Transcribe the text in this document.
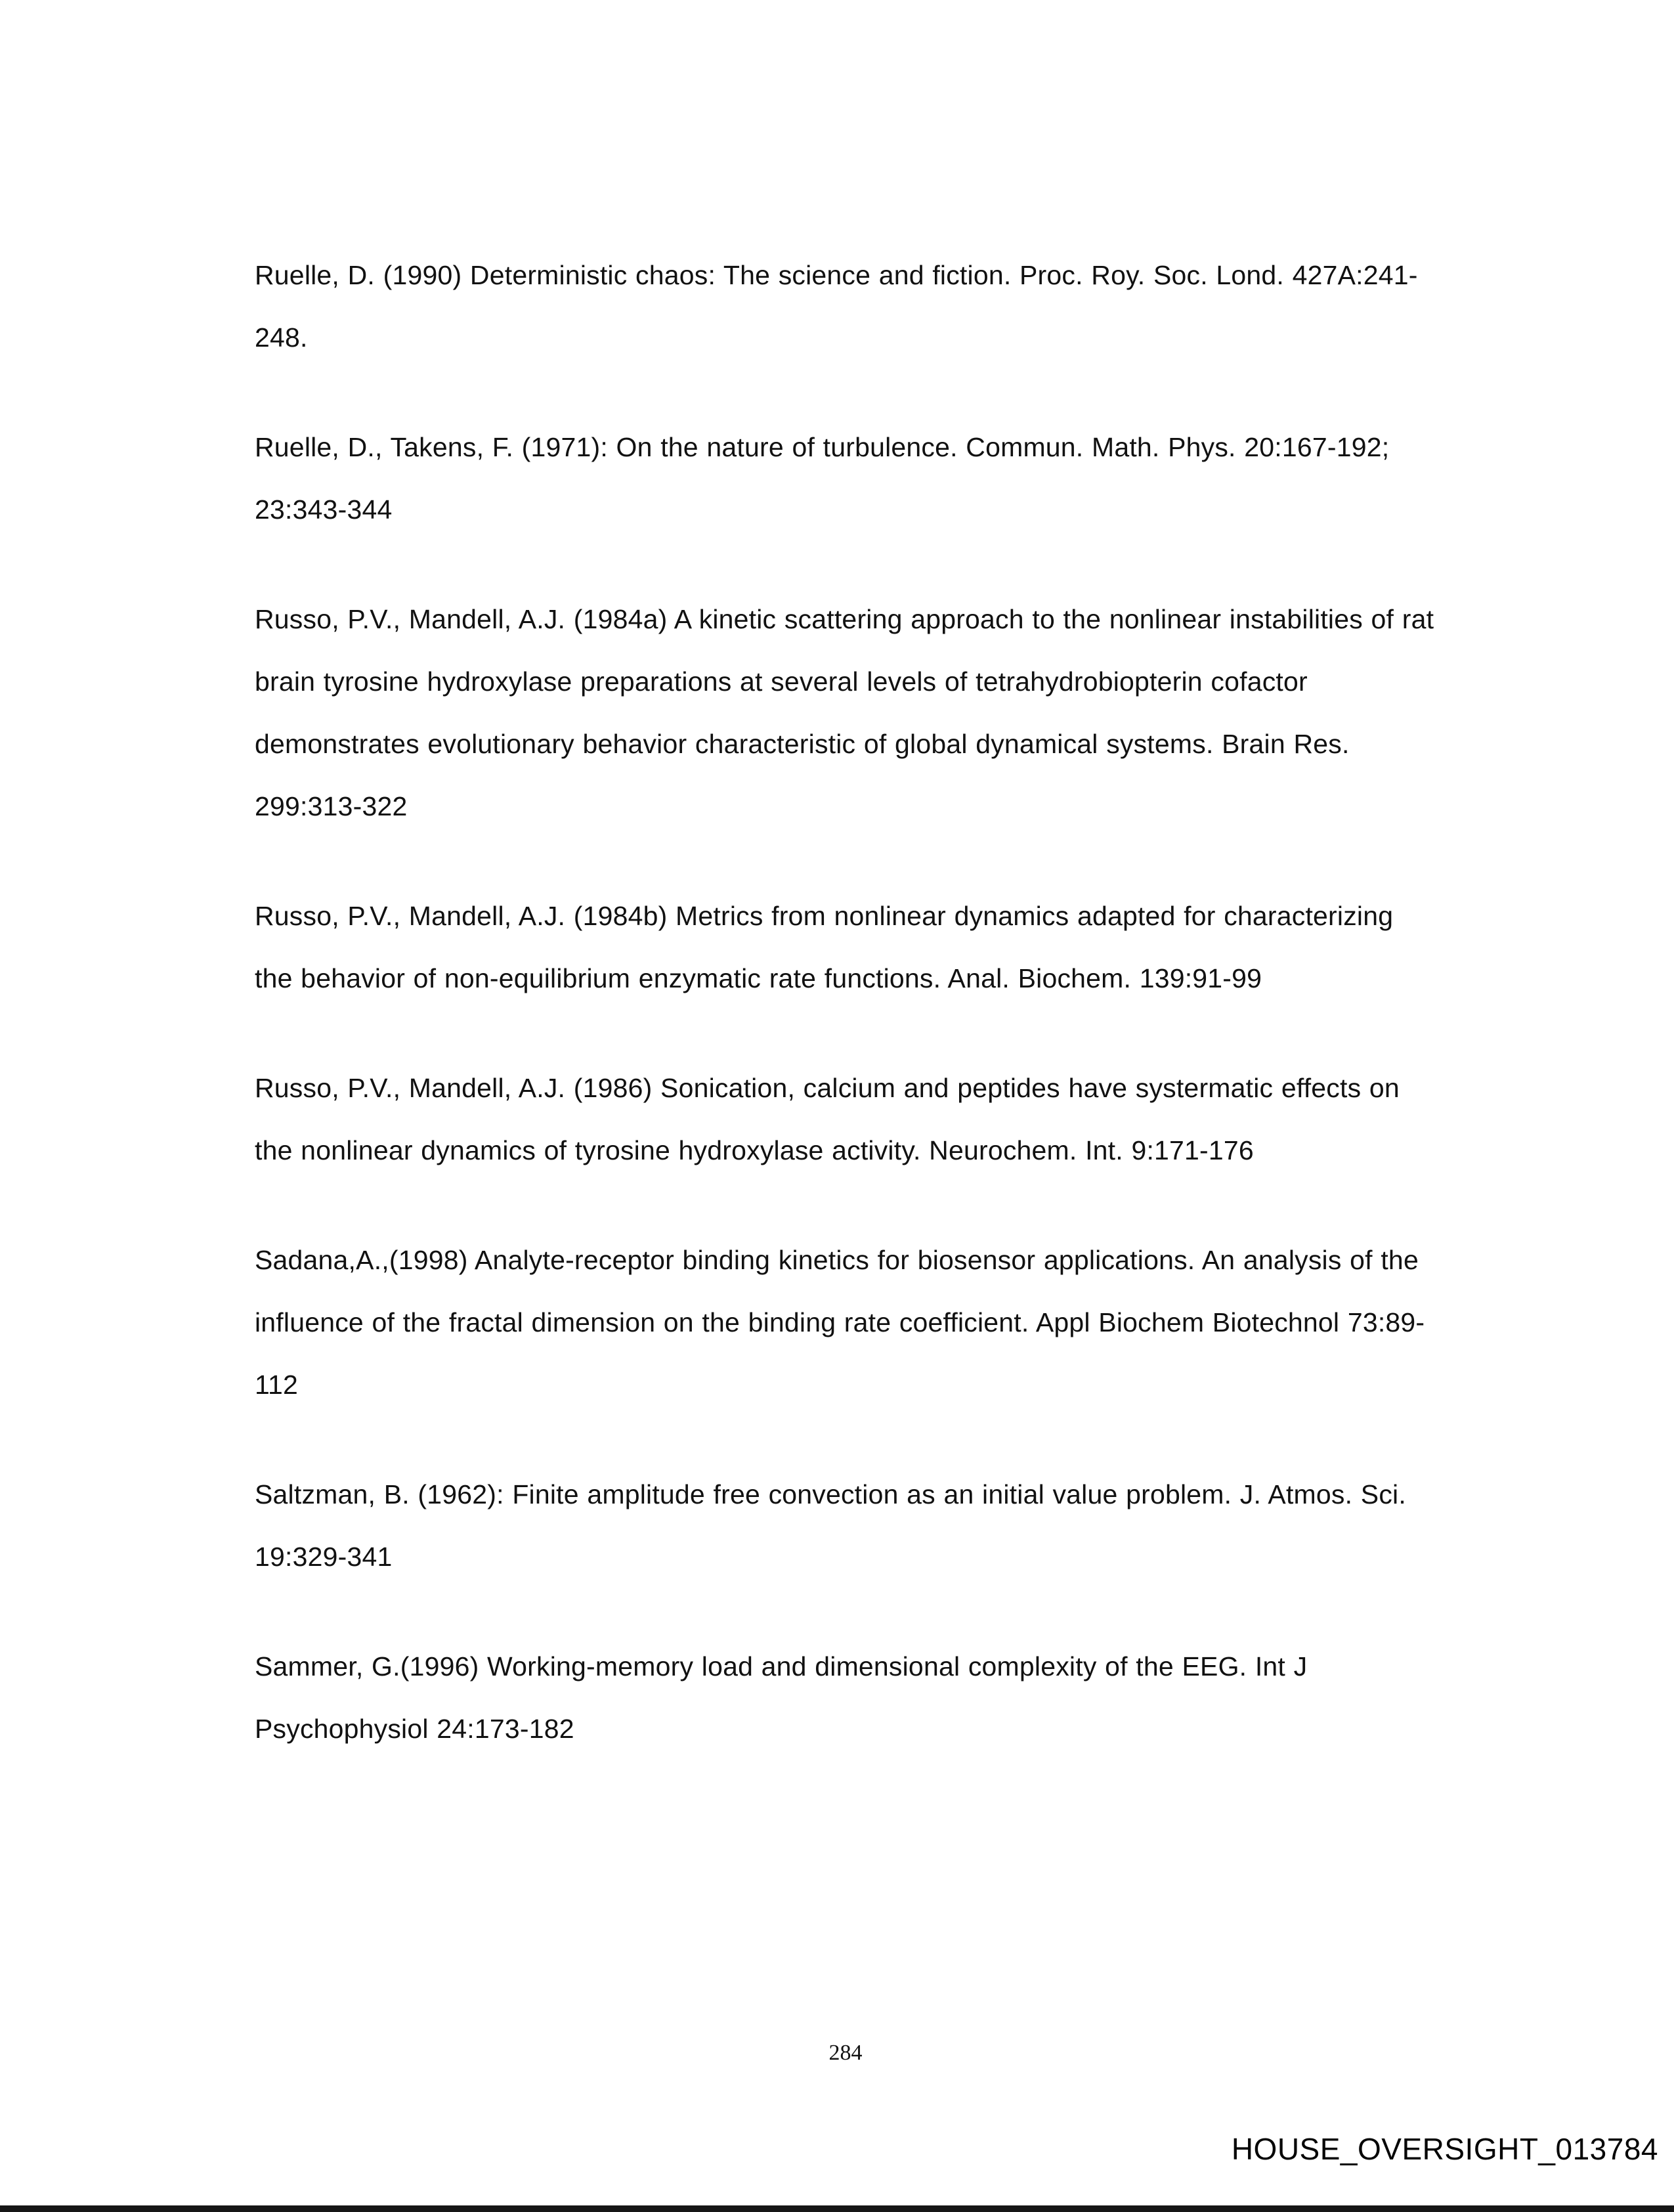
Ruelle, D. (1990) Deterministic chaos: The science and fiction. Proc. Roy. Soc. Lond. 427A:241-248.

Ruelle, D., Takens, F. (1971): On the nature of turbulence. Commun. Math. Phys. 20:167-192; 23:343-344

Russo, P.V., Mandell, A.J. (1984a) A kinetic scattering approach to the nonlinear instabilities of rat brain tyrosine hydroxylase preparations at several levels of tetrahydrobiopterin cofactor demonstrates evolutionary behavior characteristic of global dynamical systems. Brain Res. 299:313-322

Russo, P.V., Mandell, A.J. (1984b) Metrics from nonlinear dynamics adapted for characterizing the behavior of non-equilibrium enzymatic rate functions. Anal. Biochem. 139:91-99

Russo, P.V., Mandell, A.J. (1986) Sonication, calcium and peptides have systermatic effects on the nonlinear dynamics of tyrosine hydroxylase activity. Neurochem. Int. 9:171-176

Sadana,A.,(1998) Analyte-receptor binding kinetics for biosensor applications. An analysis of the influence of the fractal dimension on the binding rate coefficient. Appl Biochem Biotechnol 73:89-112

Saltzman, B. (1962): Finite amplitude free convection as an initial value problem. J. Atmos. Sci. 19:329-341

Sammer, G.(1996) Working-memory load and dimensional complexity of the EEG. Int J Psychophysiol 24:173-182

284
HOUSE_OVERSIGHT_013784
